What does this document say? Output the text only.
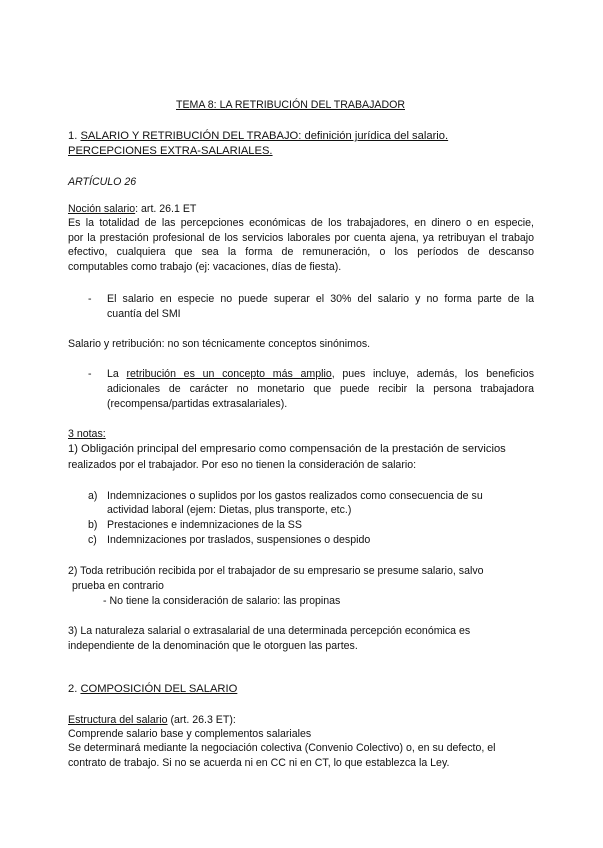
TEMA 8: LA RETRIBUCIÓN DEL TRABAJADOR
1. SALARIO Y RETRIBUCIÓN DEL TRABAJO: definición jurídica del salario.
PERCEPCIONES EXTRA-SALARIALES.
ARTÍCULO 26
Noción salario: art. 26.1 ET
Es la totalidad de las percepciones económicas de los trabajadores, en dinero o en especie,
por la prestación profesional de los servicios laborales por cuenta ajena, ya retribuyan el trabajo
efectivo, cualquiera que sea la forma de remuneración, o los períodos de descanso
computables como trabajo (ej: vacaciones, días de fiesta).
- El salario en especie no puede superar el 30% del salario y no forma parte de la
cuantía del SMI
Salario y retribución: no son técnicamente conceptos sinónimos.
- La retribución es un concepto más amplio, pues incluye, además, los beneficios
adicionales de carácter no monetario que puede recibir la persona trabajadora
(recompensa/partidas extrasalariales).
3 notas:
1) Obligación principal del empresario como compensación de la prestación de servicios
realizados por el trabajador. Por eso no tienen la consideración de salario:
a) Indemnizaciones o suplidos por los gastos realizados como consecuencia de su
actividad laboral (ejem: Dietas, plus transporte, etc.)
b) Prestaciones e indemnizaciones de la SS
c) Indemnizaciones por traslados, suspensiones o despido
2) Toda retribución recibida por el trabajador de su empresario se presume salario, salvo
prueba en contrario
- No tiene la consideración de salario: las propinas
3) La naturaleza salarial o extrasalarial de una determinada percepción económica es
independiente de la denominación que le otorguen las partes.
2. COMPOSICIÓN DEL SALARIO
Estructura del salario (art. 26.3 ET):
Comprende salario base y complementos salariales
Se determinará mediante la negociación colectiva (Convenio Colectivo) o, en su defecto, el
contrato de trabajo. Si no se acuerda ni en CC ni en CT, lo que establezca la Ley.
